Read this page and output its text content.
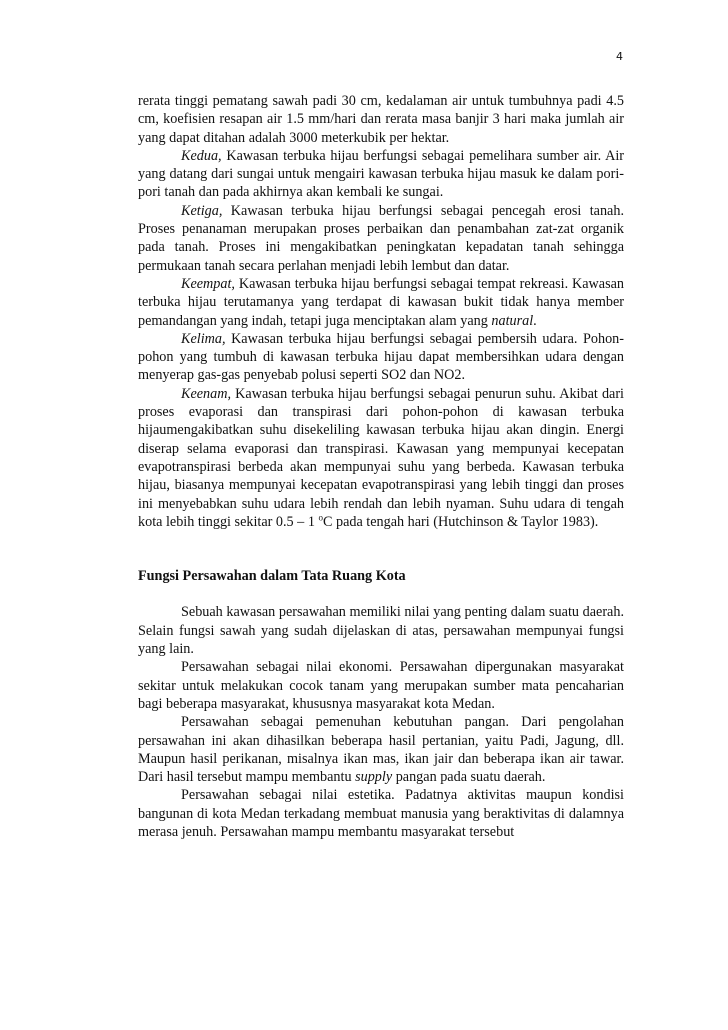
4

rerata tinggi pematang sawah padi 30 cm, kedalaman air untuk tumbuhnya padi 4.5 cm, koefisien resapan air 1.5 mm/hari dan rerata masa banjir 3 hari maka jumlah air yang dapat ditahan adalah 3000 meterkubik per hektar.

Kedua, Kawasan terbuka hijau berfungsi sebagai pemelihara sumber air. Air yang datang dari sungai untuk mengairi kawasan terbuka hijau masuk ke dalam pori-pori tanah dan pada akhirnya akan kembali ke sungai.

Ketiga, Kawasan terbuka hijau berfungsi sebagai pencegah erosi tanah. Proses penanaman merupakan proses perbaikan dan penambahan zat-zat organik pada tanah. Proses ini mengakibatkan peningkatan kepadatan tanah sehingga permukaan tanah secara perlahan menjadi lebih lembut dan datar.

Keempat, Kawasan terbuka hijau berfungsi sebagai tempat rekreasi. Kawasan terbuka hijau terutamanya yang terdapat di kawasan bukit tidak hanya member pemandangan yang indah, tetapi juga menciptakan alam yang natural.

Kelima, Kawasan terbuka hijau berfungsi sebagai pembersih udara. Pohon-pohon yang tumbuh di kawasan terbuka hijau dapat membersihkan udara dengan menyerap gas-gas penyebab polusi seperti SO2 dan NO2.

Keenam, Kawasan terbuka hijau berfungsi sebagai penurun suhu. Akibat dari proses evaporasi dan transpirasi dari pohon-pohon di kawasan terbuka hijaumengakibatkan suhu disekeliling kawasan terbuka hijau akan dingin. Energi diserap selama evaporasi dan transpirasi. Kawasan yang mempunyai kecepatan evapotranspirasi berbeda akan mempunyai suhu yang berbeda. Kawasan terbuka hijau, biasanya mempunyai kecepatan evapotranspirasi yang lebih tinggi dan proses ini menyebabkan suhu udara lebih rendah dan lebih nyaman. Suhu udara di tengah kota lebih tinggi sekitar 0.5 – 1 $^o$C pada tengah hari (Hutchinson & Taylor 1983).

Fungsi Persawahan dalam Tata Ruang Kota

Sebuah kawasan persawahan memiliki nilai yang penting dalam suatu daerah. Selain fungsi sawah yang sudah dijelaskan di atas, persawahan mempunyai fungsi yang lain.

Persawahan sebagai nilai ekonomi. Persawahan dipergunakan masyarakat sekitar untuk melakukan cocok tanam yang merupakan sumber mata pencaharian bagi beberapa masyarakat, khususnya masyarakat kota Medan.

Persawahan sebagai pemenuhan kebutuhan pangan. Dari pengolahan persawahan ini akan dihasilkan beberapa hasil pertanian, yaitu Padi, Jagung, dll. Maupun hasil perikanan, misalnya ikan mas, ikan jair dan beberapa ikan air tawar. Dari hasil tersebut mampu membantu supply pangan pada suatu daerah.

Persawahan sebagai nilai estetika. Padatnya aktivitas maupun kondisi bangunan di kota Medan terkadang membuat manusia yang beraktivitas di dalamnya merasa jenuh. Persawahan mampu membantu masyarakat tersebut
